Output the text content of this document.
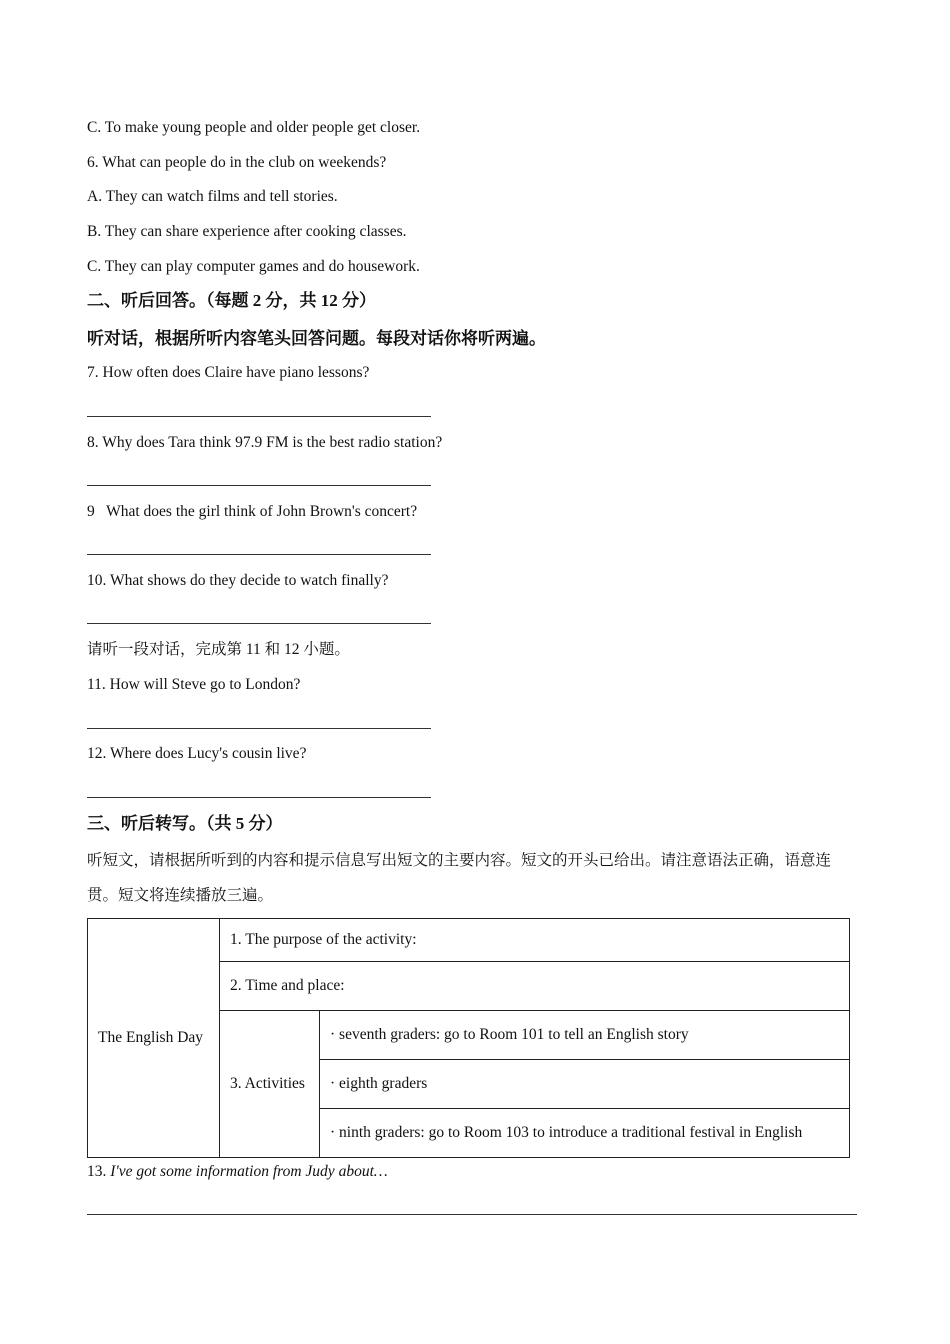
C. To make young people and older people get closer.
6. What can people do in the club on weekends?
A. They can watch films and tell stories.
B. They can share experience after cooking classes.
C. They can play computer games and do housework.
二、听后回答。（每题 2 分，共 12 分）
听对话，根据所听内容笔头回答问题。每段对话你将听两遍。
7. How often does Claire have piano lessons?
8. Why does Tara think 97.9 FM is the best radio station?
9   What does the girl think of John Brown's concert?
10. What shows do they decide to watch finally?
请听一段对话，完成第 11 和 12 小题。
11. How will Steve go to London?
12. Where does Lucy's cousin live?
三、听后转写。（共 5 分）
听短文，请根据所听到的内容和提示信息写出短文的主要内容。短文的开头已给出。请注意语法正确，语意连贯。短文将连续播放三遍。
The English Day	1. The purpose of the activity:	
	2. Time and place:	
	3. Activities	· seventh graders: go to Room 101 to tell an English story
		· eighth graders
		· ninth graders: go to Room 103 to introduce a traditional festival in English
13. I've got some information from Judy about…
